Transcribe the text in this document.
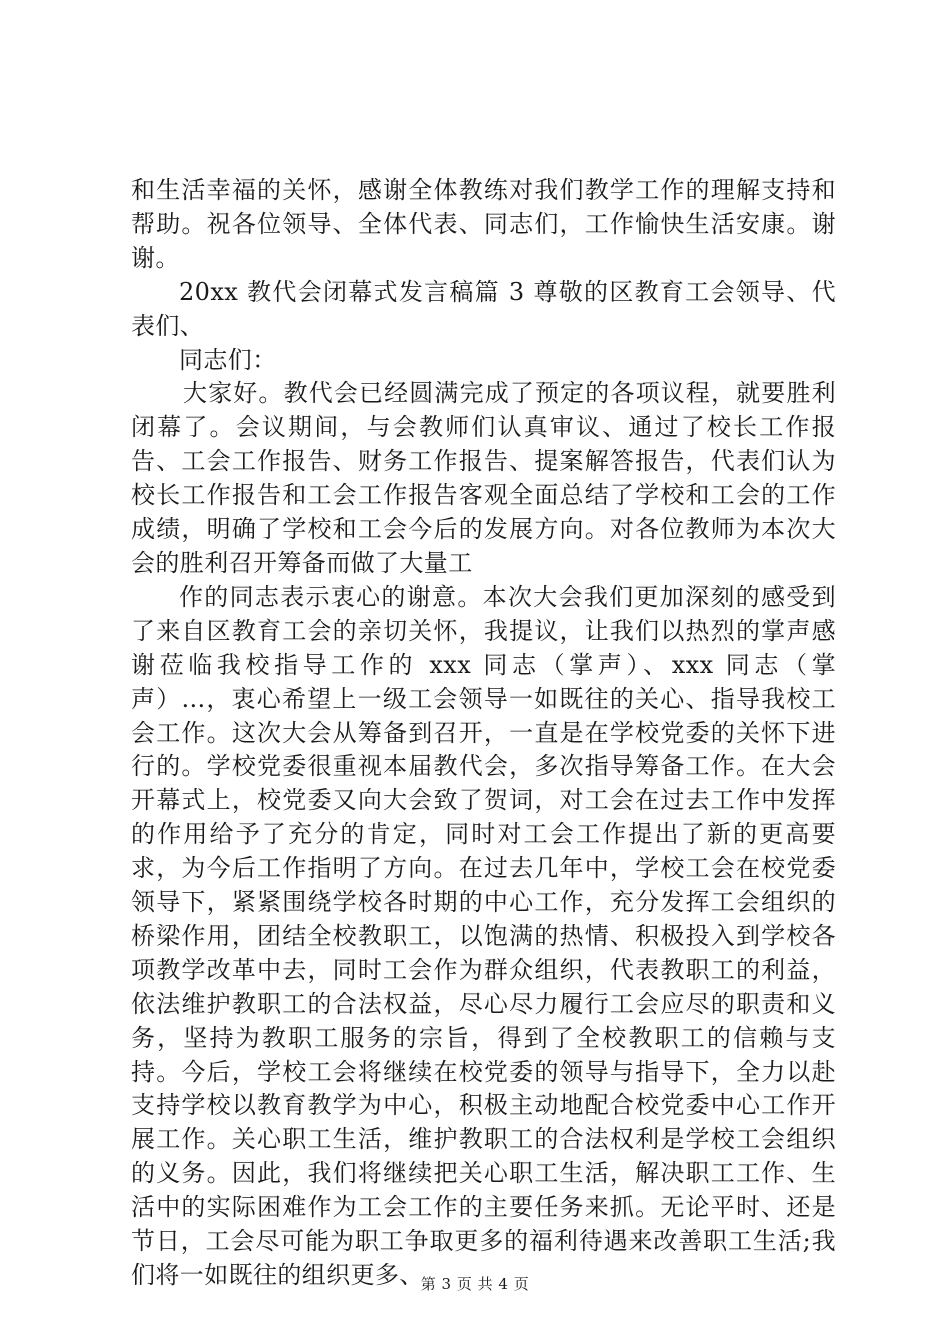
和生活幸福的关怀，感谢全体教练对我们教学工作的理解支持和帮助。祝各位领导、全体代表、同志们，工作愉快生活安康。谢谢。

20xx 教代会闭幕式发言稿篇 3 尊敬的区教育工会领导、代表们、

同志们：

大家好。教代会已经圆满完成了预定的各项议程，就要胜利闭幕了。会议期间，与会教师们认真审议、通过了校长工作报告、工会工作报告、财务工作报告、提案解答报告，代表们认为校长工作报告和工会工作报告客观全面总结了学校和工会的工作成绩，明确了学校和工会今后的发展方向。对各位教师为本次大会的胜利召开筹备而做了大量工

作的同志表示衷心的谢意。本次大会我们更加深刻的感受到了来自区教育工会的亲切关怀，我提议，让我们以热烈的掌声感谢莅临我校指导工作的 xxx 同志（掌声）、xxx 同志（掌声）...，衷心希望上一级工会领导一如既往的关心、指导我校工会工作。这次大会从筹备到召开，一直是在学校党委的关怀下进行的。学校党委很重视本届教代会，多次指导筹备工作。在大会开幕式上，校党委又向大会致了贺词，对工会在过去工作中发挥的作用给予了充分的肯定，同时对工会工作提出了新的更高要求，为今后工作指明了方向。在过去几年中，学校工会在校党委领导下，紧紧围绕学校各时期的中心工作，充分发挥工会组织的桥梁作用，团结全校教职工，以饱满的热情、积极投入到学校各项教学改革中去，同时工会作为群众组织，代表教职工的利益，依法维护教职工的合法权益，尽心尽力履行工会应尽的职责和义务，坚持为教职工服务的宗旨，得到了全校教职工的信赖与支持。今后，学校工会将继续在校党委的领导与指导下，全力以赴支持学校以教育教学为中心，积极主动地配合校党委中心工作开展工作。关心职工生活，维护教职工的合法权利是学校工会组织的义务。因此，我们将继续把关心职工生活，解决职工工作、生活中的实际困难作为工会工作的主要任务来抓。无论平时、还是节日，工会尽可能为职工争取更多的福利待遇来改善职工生活;我们将一如既往的组织更多、

第 3 页 共 4 页
